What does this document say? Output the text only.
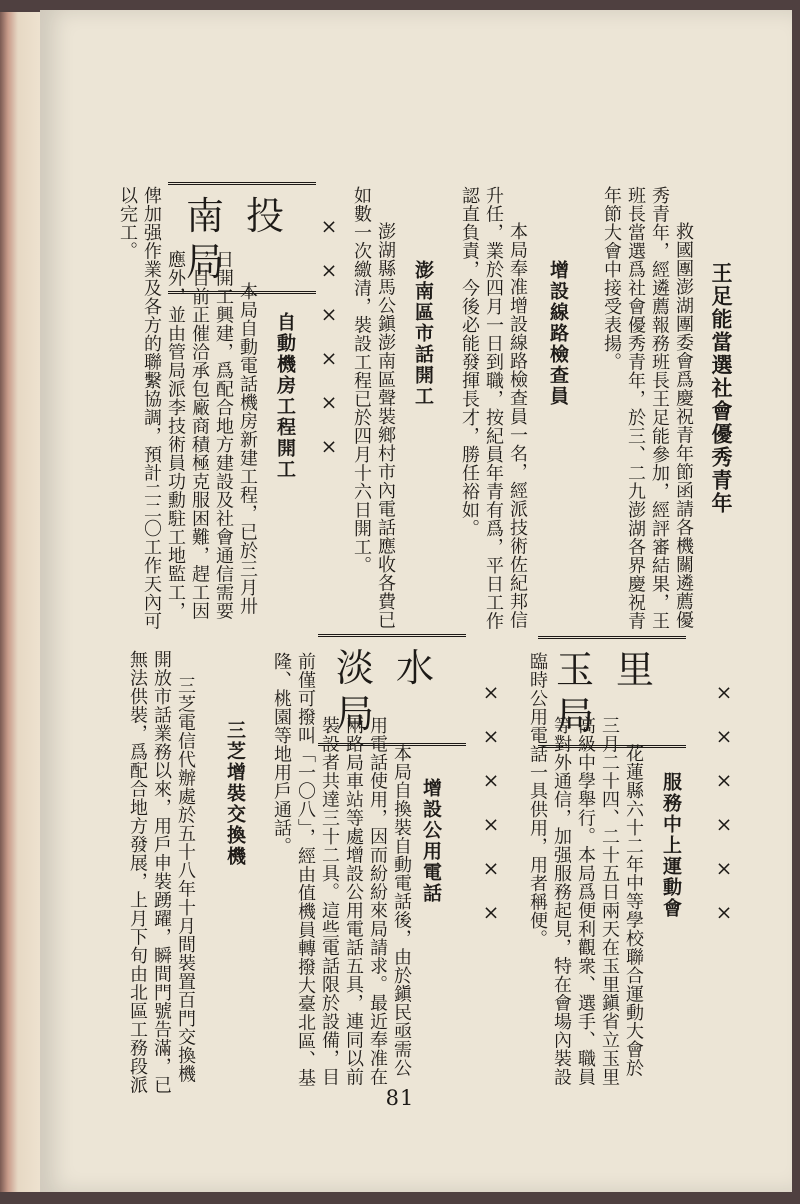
王足能當選社會優秀青年
救國團澎湖團委會爲慶祝青年節函請各機關遴薦優
秀青年，經遴薦報務班長王足能參加，經評審結果，王
班長當選爲社會優秀青年，於三、二九澎湖各界慶祝青
年節大會中接受表揚。
增設線路檢查員
本局奉准增設線路檢查員一名，經派技術佐紀邦信
升任，業於四月一日到職，按紀員年青有爲，平日工作
認直負責，今後必能發揮長才，勝任裕如。
澎南區市話開工
澎湖縣馬公鎭澎南區聲裝鄉村市內電話應收各費已
如數一次繳清，裝設工程已於四月十六日開工。
×　×　×　×　×　×
南投局
自動機房工程開工
本局自動電話機房新建工程，已於三月卅
日開工興建，爲配合地方建設及社會通信需要
，目前正催洽承包廠商積極克服困難，趕工因
應外，並由管局派李技術員功勳駐工地監工，
俾加强作業及各方的聯繫協調，預計二二〇工作天內可
以完工。
×　×　×　×　×　×
玉里局
服務中上運動會
花蓮縣六十二年中等學校聯合運動大會於
三月二十四、二十五日兩天在玉里鎭省立玉里
高級中學舉行。本局爲便利觀衆、選手、職員
等對外通信，加强服務起見，特在會場內裝設
臨時公用電話一具供用，用者稱便。
×　×　×　×　×　×
淡水局
增設公用電話
本局自換裝自動電話後，由於鎭民亟需公
用電話使用，因而紛紛來局請求。最近奉准在
兩路局車站等處增設公用電話五具，連同以前
裝設者共達三十二具。這些電話限於設備，目
前僅可撥叫「一〇八」，經由值機員轉撥大臺北區、基
隆、桃園等地用戶通話。
三芝增裝交換機
三芝電信代辦處於五十八年十月間裝置百門交換機
開放市話業務以來，用戶申裝踴躍，瞬間門號告滿，已
無法供裝，爲配合地方發展，上月下旬由北區工務段派
81
